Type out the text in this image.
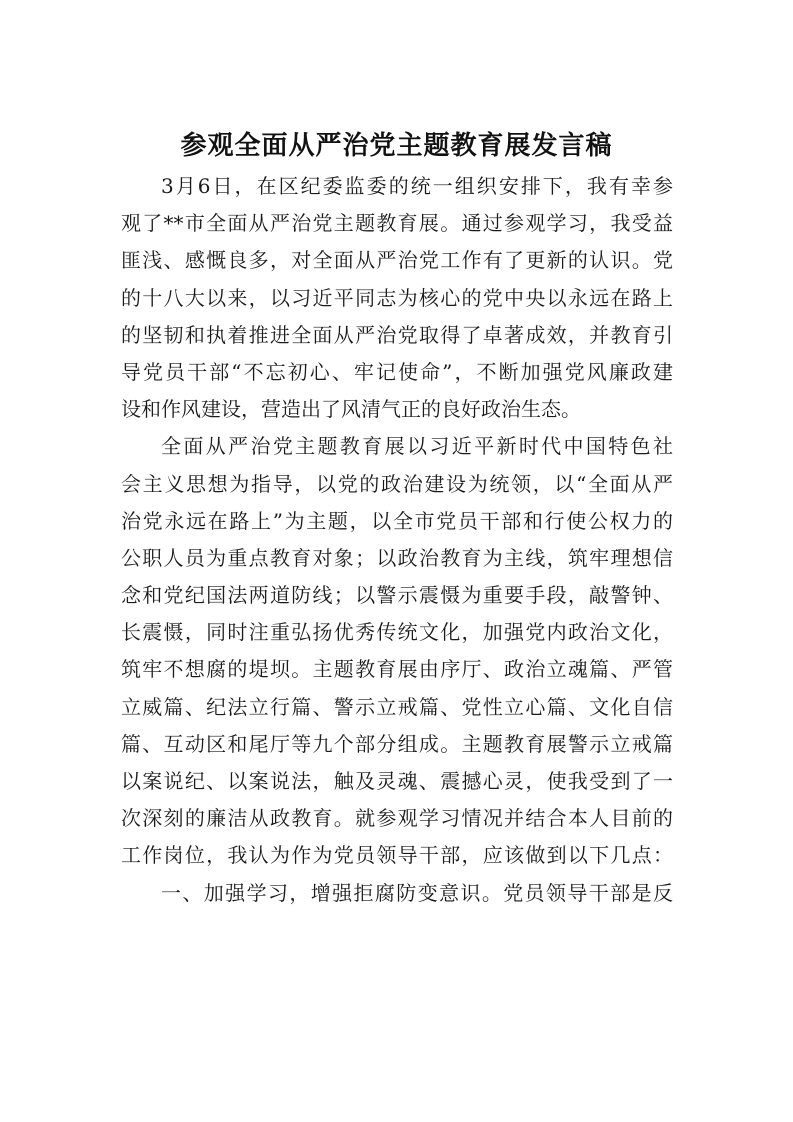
参观全面从严治党主题教育展发言稿
3月6日，在区纪委监委的统一组织安排下，我有幸参
观了**市全面从严治党主题教育展。通过参观学习，我受益
匪浅、感慨良多，对全面从严治党工作有了更新的认识。党
的十八大以来，以习近平同志为核心的党中央以永远在路上
的坚韧和执着推进全面从严治党取得了卓著成效，并教育引
导党员干部“不忘初心、牢记使命”，不断加强党风廉政建
设和作风建设，营造出了风清气正的良好政治生态。
全面从严治党主题教育展以习近平新时代中国特色社
会主义思想为指导，以党的政治建设为统领，以“全面从严
治党永远在路上”为主题，以全市党员干部和行使公权力的
公职人员为重点教育对象；以政治教育为主线，筑牢理想信
念和党纪国法两道防线；以警示震慑为重要手段，敲警钟、
长震慑，同时注重弘扬优秀传统文化，加强党内政治文化，
筑牢不想腐的堤坝。主题教育展由序厅、政治立魂篇、严管
立威篇、纪法立行篇、警示立戒篇、党性立心篇、文化自信
篇、互动区和尾厅等九个部分组成。主题教育展警示立戒篇
以案说纪、以案说法，触及灵魂、震撼心灵，使我受到了一
次深刻的廉洁从政教育。就参观学习情况并结合本人目前的
工作岗位，我认为作为党员领导干部，应该做到以下几点：
一、加强学习，增强拒腐防变意识。党员领导干部是反
